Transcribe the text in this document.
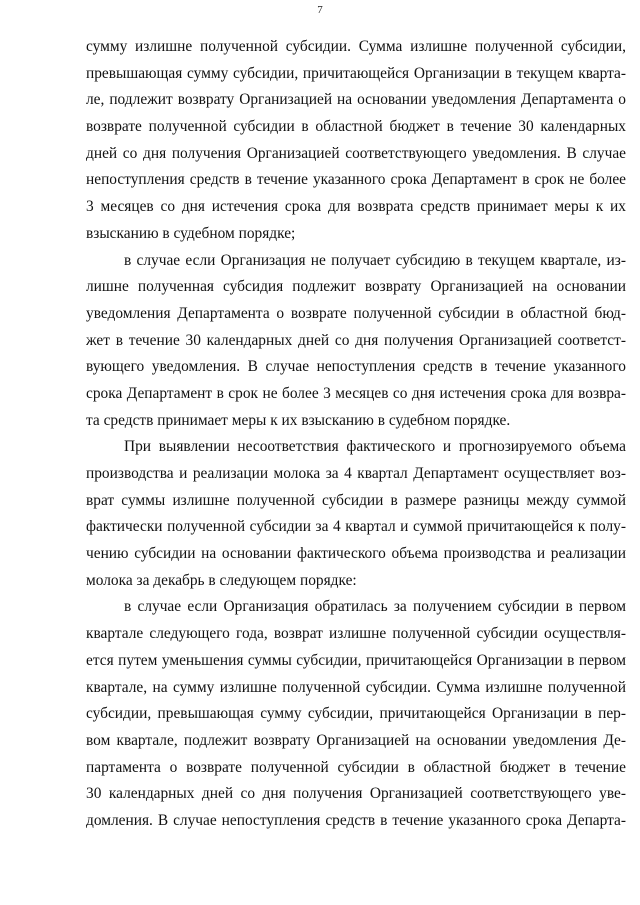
7
сумму излишне полученной субсидии. Сумма излишне полученной субсидии,
превышающая сумму субсидии, причитающейся Организации в текущем кварта-
ле, подлежит возврату Организацией на основании уведомления Департамента о
возврате полученной субсидии в областной бюджет в течение 30 календарных
дней со дня получения Организацией соответствующего уведомления. В случае
непоступления средств в течение указанного срока Департамент в срок не более
3 месяцев со дня истечения срока для возврата средств принимает меры к их
взысканию в судебном порядке;
в случае если Организация не получает субсидию в текущем квартале, из-
лишне полученная субсидия подлежит возврату Организацией на основании
уведомления Департамента о возврате полученной субсидии в областной бюд-
жет в течение 30 календарных дней со дня получения Организацией соответст-
вующего уведомления. В случае непоступления средств в течение указанного
срока Департамент в срок не более 3 месяцев со дня истечения срока для возвра-
та средств принимает меры к их взысканию в судебном порядке.
При выявлении несоответствия фактического и прогнозируемого объема
производства и реализации молока за 4 квартал Департамент осуществляет воз-
врат суммы излишне полученной субсидии в размере разницы между суммой
фактически полученной субсидии за 4 квартал и суммой причитающейся к полу-
чению субсидии на основании фактического объема производства и реализации
молока за декабрь в следующем порядке:
в случае если Организация обратилась за получением субсидии в первом
квартале следующего года, возврат излишне полученной субсидии осуществля-
ется путем уменьшения суммы субсидии, причитающейся Организации в первом
квартале, на сумму излишне полученной субсидии. Сумма излишне полученной
субсидии, превышающая сумму субсидии, причитающейся Организации в пер-
вом квартале, подлежит возврату Организацией на основании уведомления Де-
партамента о возврате полученной субсидии в областной бюджет в течение
30 календарных дней со дня получения Организацией соответствующего уве-
домления. В случае непоступления средств в течение указанного срока Департа-
